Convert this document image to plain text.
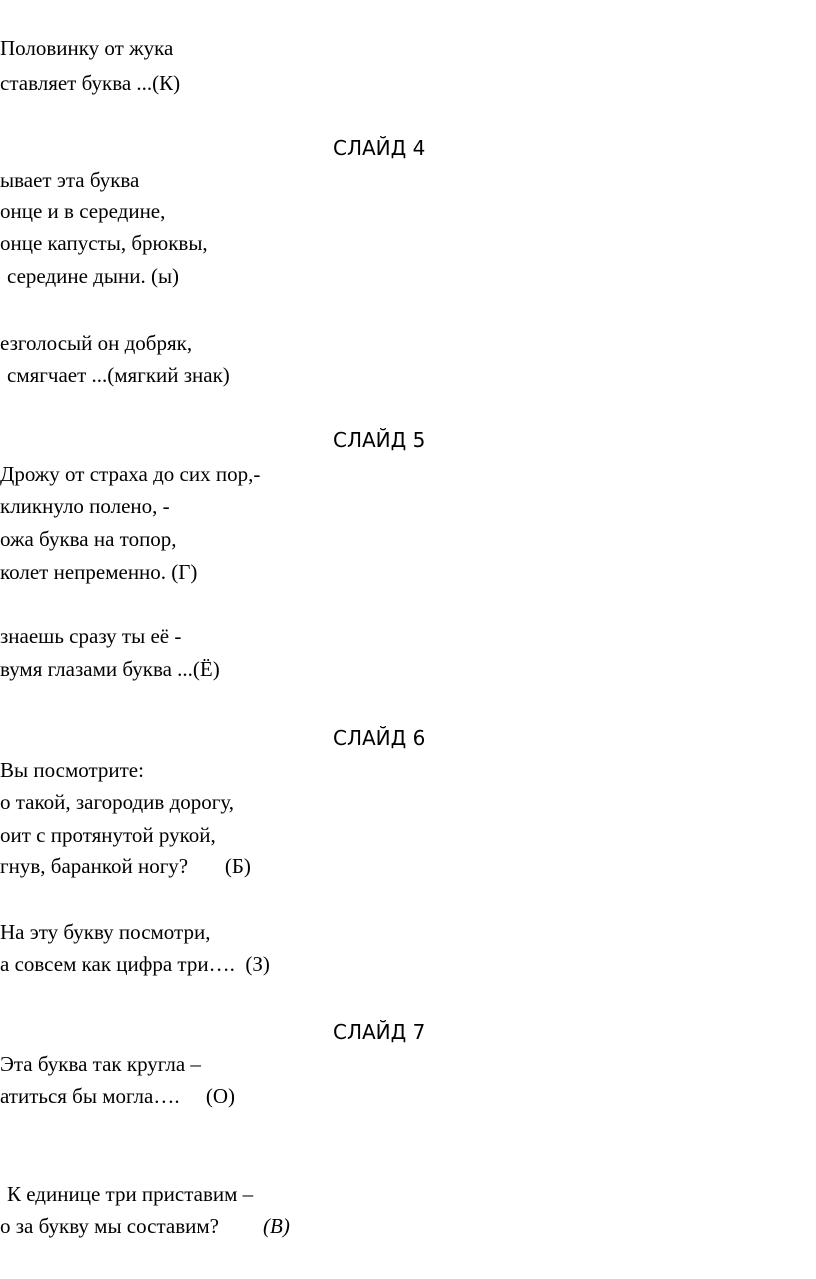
Половинку от жука

ставляет буква ...(К)

СЛАЙД 4

ывает эта буква

онце и в середине,

онце капусты, брюквы,

середине дыни. (ы)

езголосый он добряк,

смягчает ...(мягкий знак)

СЛАЙД 5

Дрожу от страха до сих пор,-

кликнуло полено, -

ожа буква на топор,

колет непременно. (Г)

знаешь сразу ты её -

вумя глазами буква ...(Ё)

СЛАЙД 6

Вы посмотрите:

о такой, загородив дорогу,

оит с протянутой рукой,

гнув, баранкой ногу?       (Б)

На эту букву посмотри,

а совсем как цифра три….  (З)

СЛАЙД 7

Эта буква так кругла –

атиться бы могла….     (О)

К единице три приставим –

о за букву мы составим? (В)
